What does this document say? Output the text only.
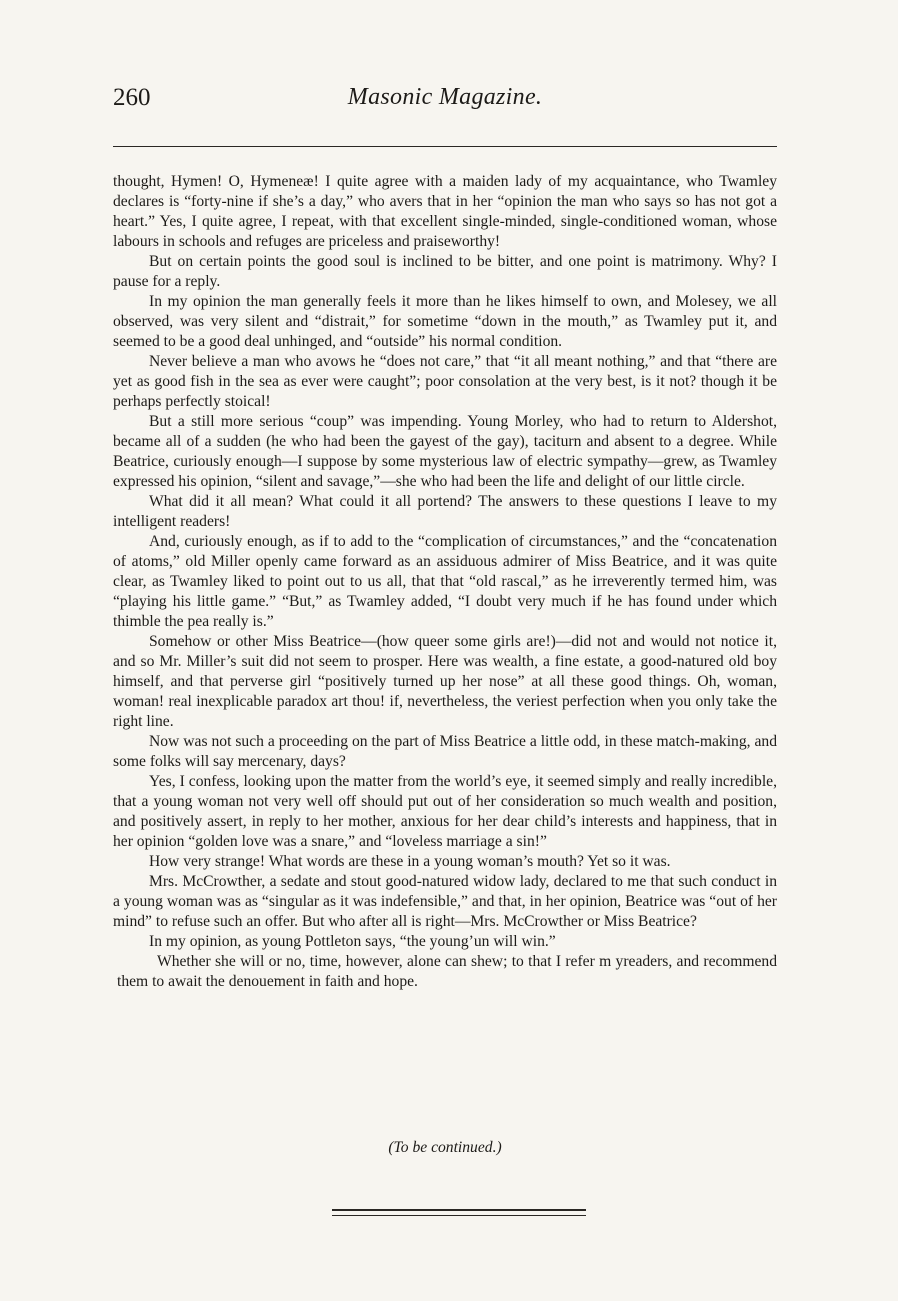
260	Masonic Magazine.

thought, Hymen! O, Hymeneæ! I quite agree with a maiden lady of my acquaintance, who Twamley declares is “forty-nine if she’s a day,” who avers that in her “opinion the man who says so has not got a heart.” Yes, I quite agree, I repeat, with that excellent single-minded, single-conditioned woman, whose labours in schools and refuges are priceless and praiseworthy!

But on certain points the good soul is inclined to be bitter, and one point is matrimony. Why? I pause for a reply.

In my opinion the man generally feels it more than he likes himself to own, and Molesey, we all observed, was very silent and “distrait,” for sometime “down in the mouth,” as Twamley put it, and seemed to be a good deal unhinged, and “outside” his normal condition.

Never believe a man who avows he “does not care,” that “it all meant nothing,” and that “there are yet as good fish in the sea as ever were caught”; poor consolation at the very best, is it not? though it be perhaps perfectly stoical!

But a still more serious “coup” was impending. Young Morley, who had to return to Aldershot, became all of a sudden (he who had been the gayest of the gay), taciturn and absent to a degree. While Beatrice, curiously enough—I suppose by some mysterious law of electric sympathy—grew, as Twamley expressed his opinion, “silent and savage,”—she who had been the life and delight of our little circle.

What did it all mean? What could it all portend? The answers to these questions I leave to my intelligent readers!

And, curiously enough, as if to add to the “complication of circumstances,” and the “concatenation of atoms,” old Miller openly came forward as an assiduous admirer of Miss Beatrice, and it was quite clear, as Twamley liked to point out to us all, that that “old rascal,” as he irreverently termed him, was “playing his little game.” “But,” as Twamley added, “I doubt very much if he has found under which thimble the pea really is.”

Somehow or other Miss Beatrice—(how queer some girls are!)—did not and would not notice it, and so Mr. Miller’s suit did not seem to prosper. Here was wealth, a fine estate, a good-natured old boy himself, and that perverse girl “positively turned up her nose” at all these good things. Oh, woman, woman! real inexplicable paradox art thou! if, nevertheless, the veriest perfection when you only take the right line.

Now was not such a proceeding on the part of Miss Beatrice a little odd, in these match-making, and some folks will say mercenary, days?

Yes, I confess, looking upon the matter from the world’s eye, it seemed simply and really incredible, that a young woman not very well off should put out of her consideration so much wealth and position, and positively assert, in reply to her mother, anxious for her dear child’s interests and happiness, that in her opinion “golden love was a snare,” and “loveless marriage a sin!”

How very strange! What words are these in a young woman’s mouth? Yet so it was.

Mrs. McCrowther, a sedate and stout good-natured widow lady, declared to me that such conduct in a young woman was as “singular as it was indefensible,” and that, in her opinion, Beatrice was “out of her mind” to refuse such an offer. But who after all is right—Mrs. McCrowther or Miss Beatrice?

In my opinion, as young Pottleton says, “the young’un will win.”

Whether she will or no, time, however, alone can shew; to that I refer m yreaders, and recommend them to await the denouement in faith and hope.

(To be continued.)
